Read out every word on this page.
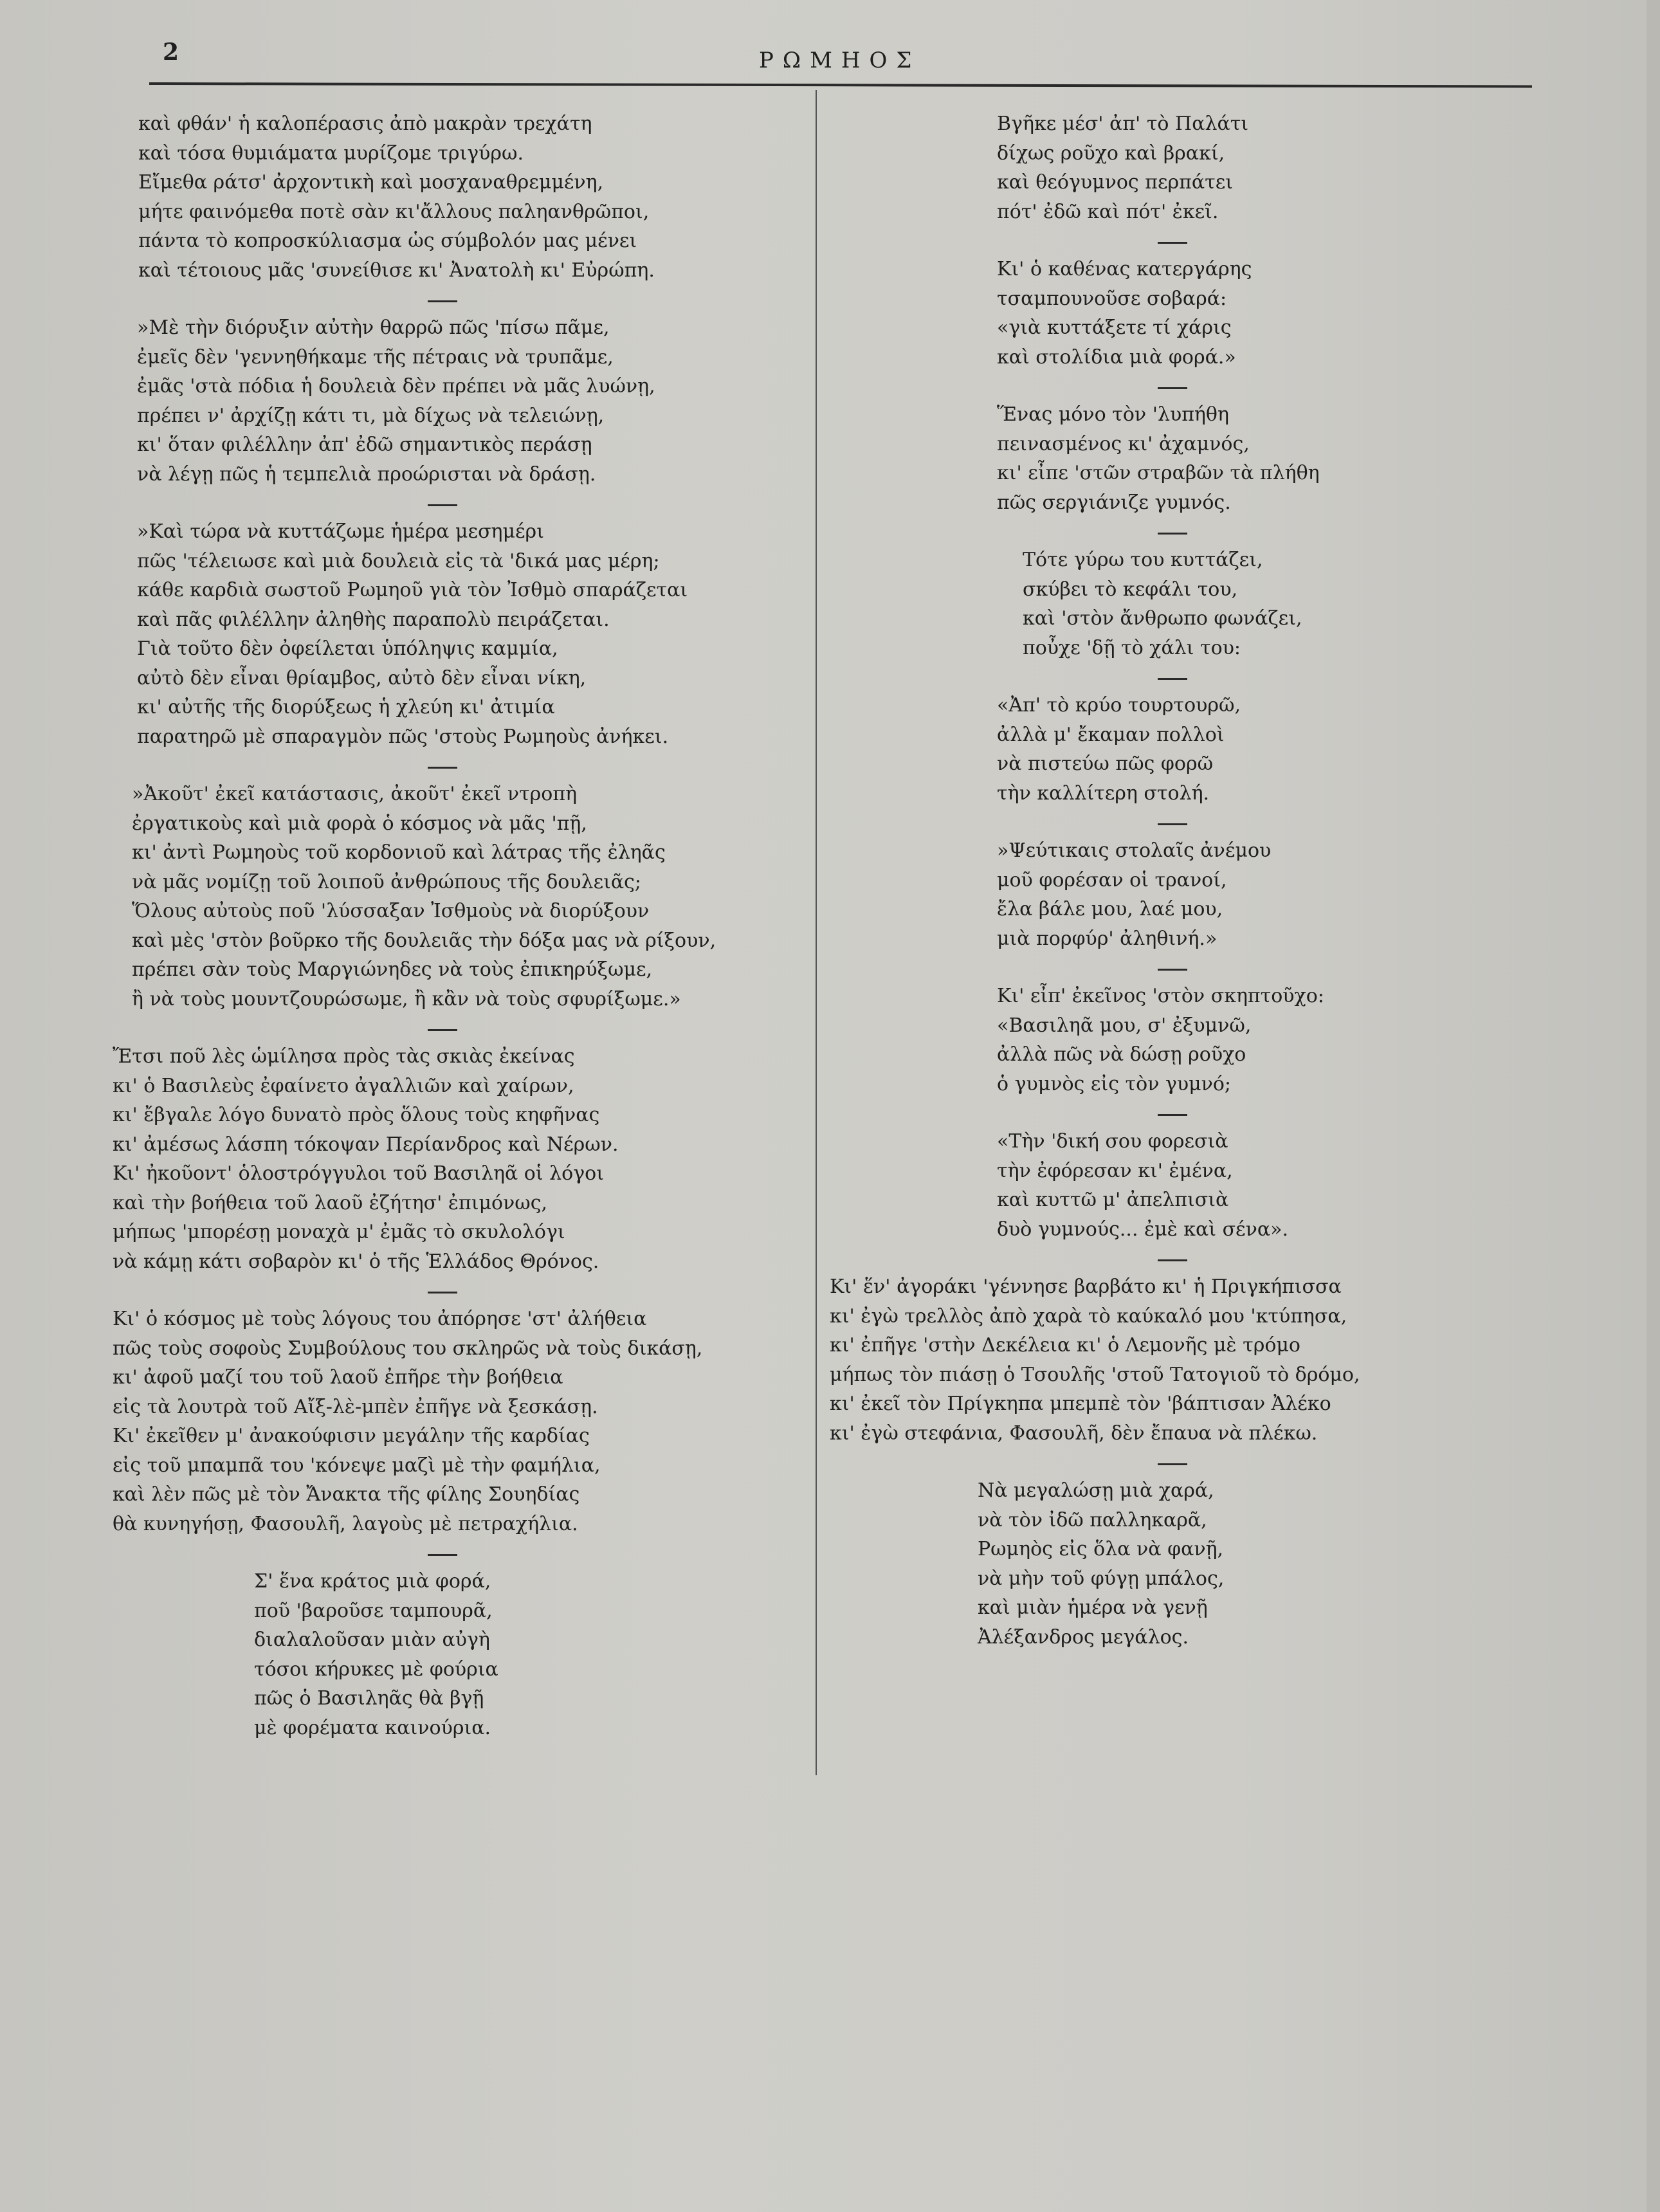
2	ΡΩΜΗΟΣ
καὶ φθάν' ἡ καλοπέρασις ἀπὸ μακρὰν τρεχάτη
καὶ τόσα θυμιάματα μυρίζομε τριγύρω.
Εἴμεθα ράτσ' ἀρχοντικὴ καὶ μοσχαναθρεμμένη,
μήτε φαινόμεθα ποτὲ σὰν κι'ἄλλους παληανθρῶποι,
πάντα τὸ κοπροσκύλιασμα ὡς σύμβολόν μας μένει
καὶ τέτοιους μᾶς 'συνείθισε κι' Ἀνατολὴ κι' Εὐρώπη.
»Μὲ τὴν διόρυξιν αὐτὴν θαρρῶ πῶς 'πίσω πᾶμε,
ἐμεῖς δὲν 'γεννηθήκαμε τῆς πέτραις νὰ τρυπᾶμε,
ἐμᾶς 'στὰ πόδια ἡ δουλειὰ δὲν πρέπει νὰ μᾶς λυώνῃ,
πρέπει ν' ἀρχίζῃ κάτι τι, μὰ δίχως νὰ τελειώνῃ,
κι' ὅταν φιλέλλην ἀπ' ἐδῶ σημαντικὸς περάσῃ
νὰ λέγῃ πῶς ἡ τεμπελιὰ προώρισται νὰ δράσῃ.
»Καὶ τώρα νὰ κυττάζωμε ἡμέρα μεσημέρι
πῶς 'τέλειωσε καὶ μιὰ δουλειὰ εἰς τὰ 'δικά μας μέρη;
κάθε καρδιὰ σωστοῦ Ρωμηοῦ γιὰ τὸν Ἰσθμὸ σπαράζεται
καὶ πᾶς φιλέλλην ἀληθὴς παραπολὺ πειράζεται.
Γιὰ τοῦτο δὲν ὀφείλεται ὑπόληψις καμμία,
αὐτὸ δὲν εἶναι θρίαμβος, αὐτὸ δὲν εἶναι νίκη,
κι' αὐτῆς τῆς διορύξεως ἡ χλεύη κι' ἀτιμία
παρατηρῶ μὲ σπαραγμὸν πῶς 'στοὺς Ρωμηοὺς ἀνήκει.
»Ἀκοῦτ' ἐκεῖ κατάστασις, ἀκοῦτ' ἐκεῖ ντροπὴ
ἐργατικοὺς καὶ μιὰ φορὰ ὁ κόσμος νὰ μᾶς 'πῇ,
κι' ἀντὶ Ρωμηοὺς τοῦ κορδονιοῦ καὶ λάτρας τῆς ἐληᾶς
νὰ μᾶς νομίζῃ τοῦ λοιποῦ ἀνθρώπους τῆς δουλειᾶς;
Ὅλους αὐτοὺς ποῦ 'λύσσαξαν Ἰσθμοὺς νὰ διορύξουν
καὶ μὲς 'στὸν βοῦρκο τῆς δουλειᾶς τὴν δόξα μας νὰ ρίξουν,
πρέπει σὰν τοὺς Μαργιώνηδες νὰ τοὺς ἐπικηρύξωμε,
ἢ νὰ τοὺς μουντζουρώσωμε, ἢ κἂν νὰ τοὺς σφυρίξωμε.»
Ἔτσι ποῦ λὲς ὡμίλησα πρὸς τὰς σκιὰς ἐκείνας
κι' ὁ Βασιλεὺς ἐφαίνετο ἀγαλλιῶν καὶ χαίρων,
κι' ἔβγαλε λόγο δυνατὸ πρὸς ὅλους τοὺς κηφῆνας
κι' ἀμέσως λάσπη τόκοψαν Περίανδρος καὶ Νέρων.
Κι' ἠκοῦοντ' ὁλοστρόγγυλοι τοῦ Βασιληᾶ οἱ λόγοι
καὶ τὴν βοήθεια τοῦ λαοῦ ἐζήτησ' ἐπιμόνως,
μήπως 'μπορέσῃ μοναχὰ μ' ἐμᾶς τὸ σκυλολόγι
νὰ κάμῃ κάτι σοβαρὸν κι' ὁ τῆς Ἑλλάδος Θρόνος.
Κι' ὁ κόσμος μὲ τοὺς λόγους του ἀπόρησε 'στ' ἀλήθεια
πῶς τοὺς σοφοὺς Συμβούλους του σκληρῶς νὰ τοὺς δικάσῃ,
κι' ἀφοῦ μαζί του τοῦ λαοῦ ἐπῆρε τὴν βοήθεια
εἰς τὰ λουτρὰ τοῦ Αἴξ-λὲ-μπὲν ἐπῆγε νὰ ξεσκάσῃ.
Κι' ἐκεῖθεν μ' ἀνακούφισιν μεγάλην τῆς καρδίας
εἰς τοῦ μπαμπᾶ του 'κόνεψε μαζὶ μὲ τὴν φαμήλια,
καὶ λὲν πῶς μὲ τὸν Ἄνακτα τῆς φίλης Σουηδίας
θὰ κυνηγήσῃ, Φασουλῆ, λαγοὺς μὲ πετραχήλια.
Σ' ἕνα κράτος μιὰ φορά,
ποῦ 'βαροῦσε ταμπουρᾶ,
διαλαλοῦσαν μιὰν αὐγὴ
τόσοι κήρυκες μὲ φούρια
πῶς ὁ Βασιληᾶς θὰ βγῇ
μὲ φορέματα καινούρια.
Βγῆκε μέσ' ἀπ' τὸ Παλάτι
δίχως ροῦχο καὶ βρακί,
καὶ θεόγυμνος περπάτει
πότ' ἐδῶ καὶ πότ' ἐκεῖ.
Κι' ὁ καθένας κατεργάρης
τσαμπουνοῦσε σοβαρά:
«γιὰ κυττάξετε τί χάρις
καὶ στολίδια μιὰ φορά.»
Ἕνας μόνο τὸν 'λυπήθη
πεινασμένος κι' ἀχαμνός,
κι' εἶπε 'στῶν στραβῶν τὰ πλήθη
πῶς σεργιάνιζε γυμνός.
Τότε γύρω του κυττάζει,
σκύβει τὸ κεφάλι του,
καὶ 'στὸν ἄνθρωπο φωνάζει,
ποὖχε 'δῇ τὸ χάλι του:
«Ἀπ' τὸ κρύο τουρτουρῶ,
ἀλλὰ μ' ἔκαμαν πολλοὶ
νὰ πιστεύω πῶς φορῶ
τὴν καλλίτερη στολή.
»Ψεύτικαις στολαῖς ἀνέμου
μοῦ φορέσαν οἱ τρανοί,
ἔλα βάλε μου, λαέ μου,
μιὰ πορφύρ' ἀληθινή.»
Κι' εἶπ' ἐκεῖνος 'στὸν σκηπτοῦχο:
«Βασιληᾶ μου, σ' ἐξυμνῶ,
ἀλλὰ πῶς νὰ δώσῃ ροῦχο
ὁ γυμνὸς εἰς τὸν γυμνό;
«Τὴν 'δική σου φορεσιὰ
τὴν ἐφόρεσαν κι' ἐμένα,
καὶ κυττῶ μ' ἀπελπισιὰ
δυὸ γυμνούς... ἐμὲ καὶ σένα».
Κι' ἕν' ἀγοράκι 'γέννησε βαρβάτο κι' ἡ Πριγκήπισσα
κι' ἐγὼ τρελλὸς ἀπὸ χαρὰ τὸ καύκαλό μου 'κτύπησα,
κι' ἐπῆγε 'στὴν Δεκέλεια κι' ὁ Λεμονῆς μὲ τρόμο
μήπως τὸν πιάσῃ ὁ Τσουλῆς 'στοῦ Τατογιοῦ τὸ δρόμο,
κι' ἐκεῖ τὸν Πρίγκηπα μπεμπὲ τὸν 'βάπτισαν Ἀλέκο
κι' ἐγὼ στεφάνια, Φασουλῆ, δὲν ἔπαυα νὰ πλέκω.
Νὰ μεγαλώσῃ μιὰ χαρά,
νὰ τὸν ἰδῶ παλληκαρᾶ,
Ρωμηὸς εἰς ὅλα νὰ φανῇ,
νὰ μὴν τοῦ φύγῃ μπάλος,
καὶ μιὰν ἡμέρα νὰ γενῇ
Ἀλέξανδρος μεγάλος.
